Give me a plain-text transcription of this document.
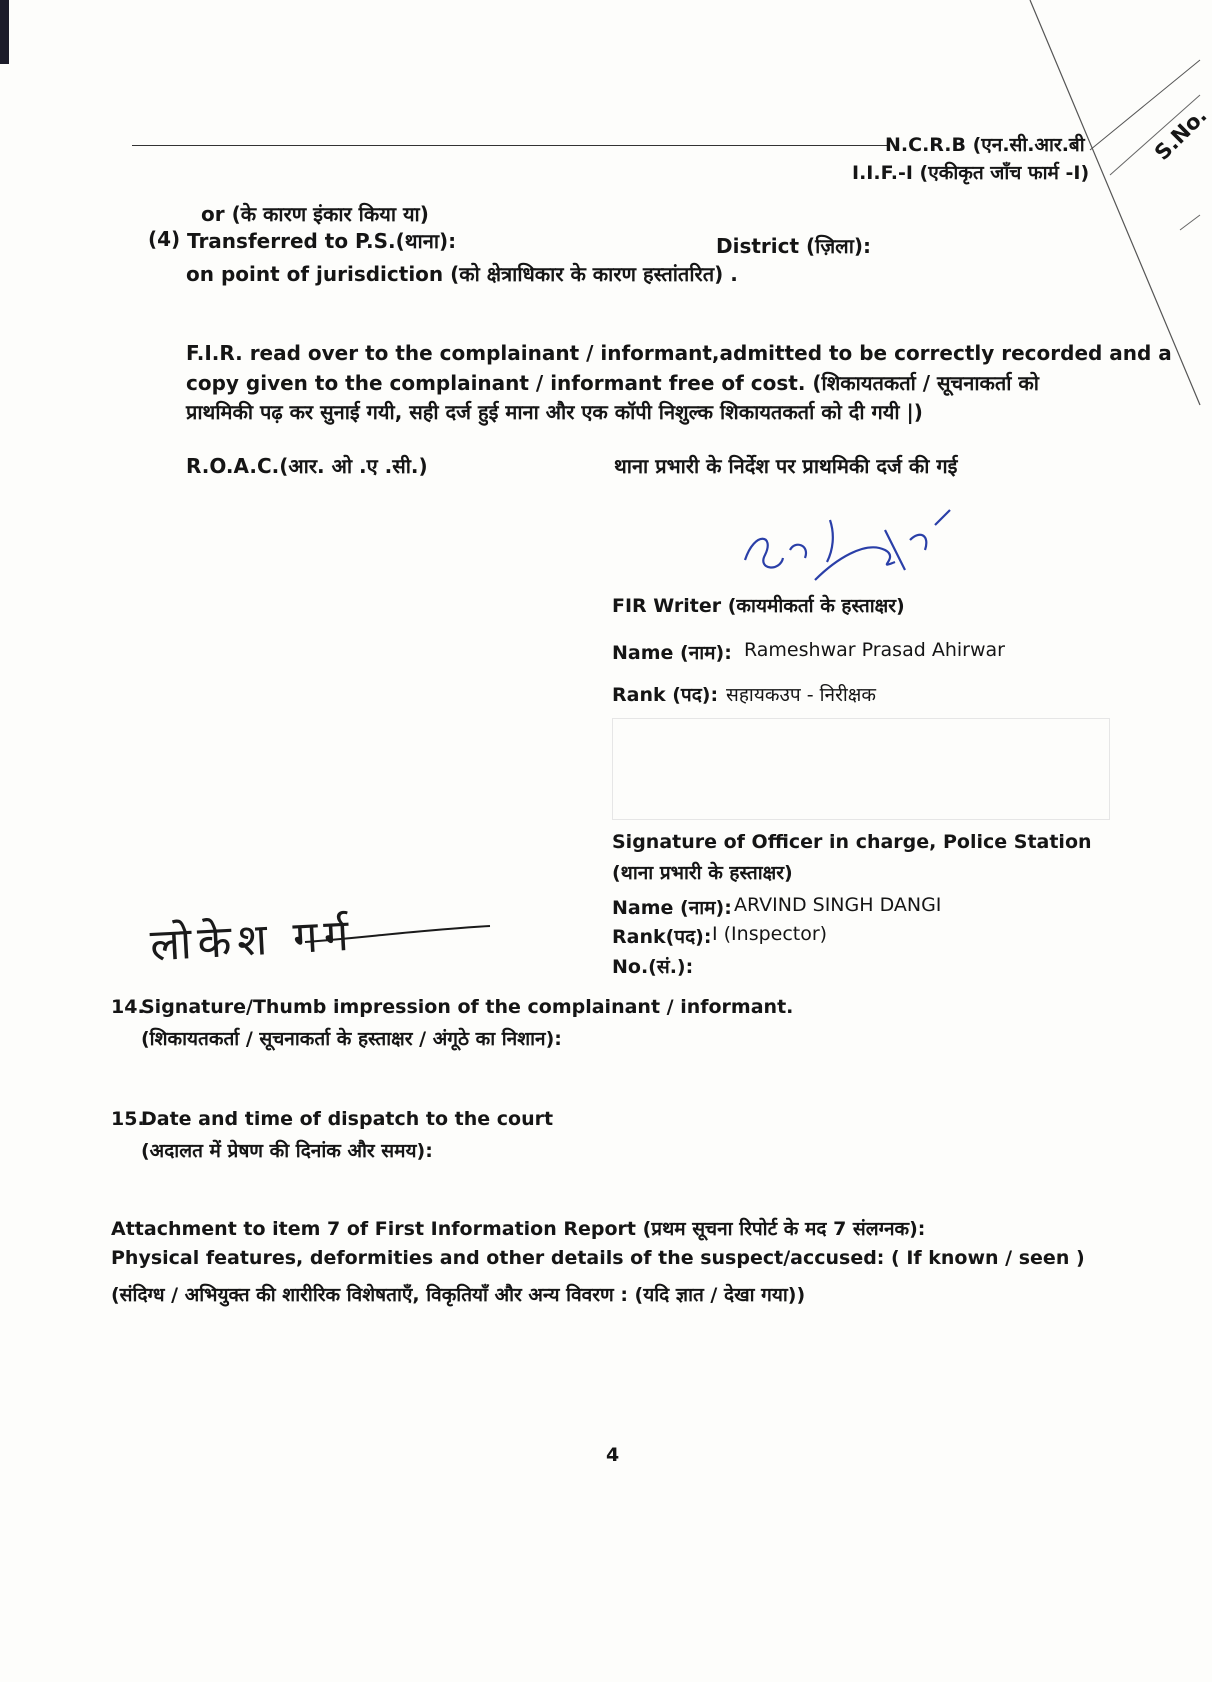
N.C.R.B (एन.सी.आर.बी
I.I.F.-I (एकीकृत जाँच फार्म -I)
S.No.
or (के कारण इंकार किया या)
(4) Transferred to P.S.(थाना):	District (ज़िला):
on point of jurisdiction (को क्षेत्राधिकार के कारण हस्तांतरित) .
F.I.R. read over to the complainant / informant,admitted to be correctly recorded and a
copy given to the complainant / informant free of cost. (शिकायतकर्ता / सूचनाकर्ता को
प्राथमिकी पढ़ कर सुनाई गयी, सही दर्ज हुई माना और एक कॉपी निशुल्क शिकायतकर्ता को दी गयी |)
R.O.A.C.(आर. ओ .ए .सी.)	थाना प्रभारी के निर्देश पर प्राथमिकी दर्ज की गई
FIR Writer (कायमीकर्ता के हस्ताक्षर)
Name (नाम): Rameshwar Prasad Ahirwar
Rank (पद): सहायकउप - निरीक्षक
Signature of Officer in charge, Police Station
(थाना प्रभारी के हस्ताक्षर)
Name (नाम): ARVIND SINGH DANGI
Rank(पद): I (Inspector)
No.(सं.):
लोकेश गर्ग
14.
Signature/Thumb impression of the complainant / informant.
(शिकायतकर्ता / सूचनाकर्ता के हस्ताक्षर / अंगूठे का निशान):
15.
Date and time of dispatch to the court
(अदालत में प्रेषण की दिनांक और समय):
Attachment to item 7 of First Information Report (प्रथम सूचना रिपोर्ट के मद 7 संलग्नक):
Physical features, deformities and other details of the suspect/accused: ( If known / seen )
(संदिग्ध / अभियुक्त की शारीरिक विशेषताएँ, विकृतियाँ और अन्य विवरण : (यदि ज्ञात / देखा गया))
4
